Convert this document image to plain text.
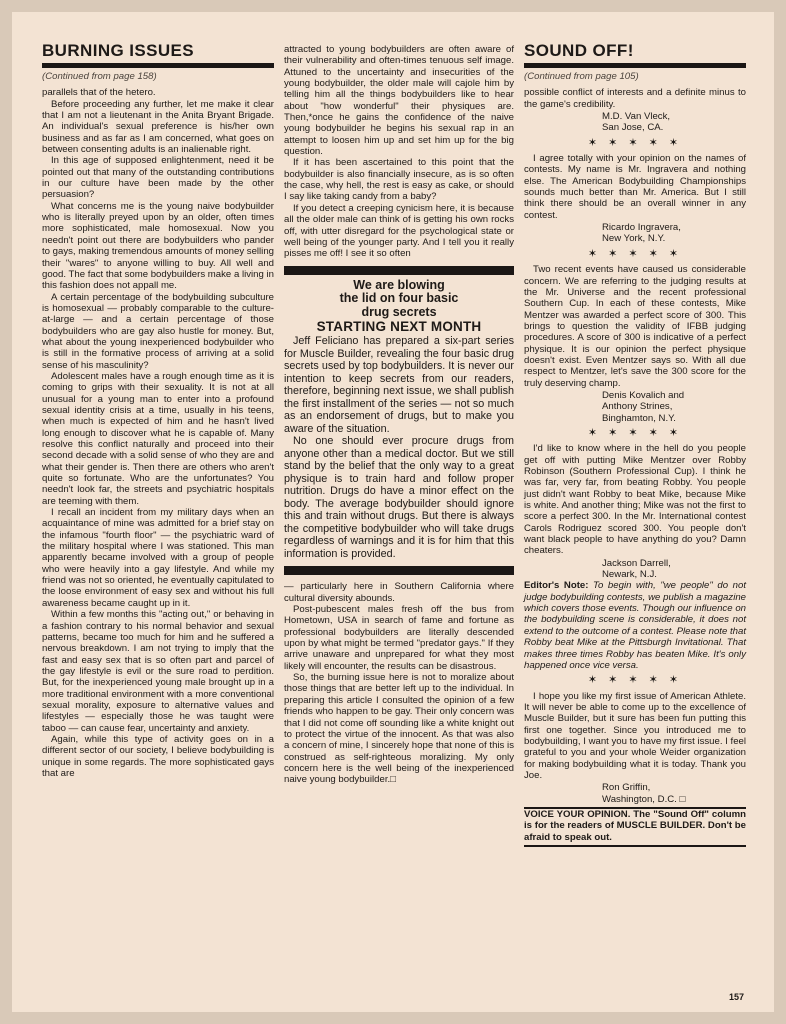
BURNING ISSUES
(Continued from page 158)

parallels that of the hetero.

Before proceeding any further, let me make it clear that I am not a lieutenant in the Anita Bryant Brigade. An individual's sexual preference is his/her own business and as far as I am concerned, what goes on between consenting adults is an inalienable right.

In this age of supposed enlightenment, need it be pointed out that many of the outstanding contributions in our culture have been made by the other persuasion?

What concerns me is the young naive bodybuilder who is literally preyed upon by an older, often times more sophisticated, male homosexual. Now you needn't point out there are bodybuilders who pander to gays, making tremendous amounts of money selling their "wares" to anyone willing to buy. All well and good. The fact that some bodybuilders make a living in this fashion does not appall me.

A certain percentage of the bodybuilding subculture is homosexual — probably comparable to the culture-at-large — and a certain percentage of those bodybuilders who are gay also hustle for money. But, what about the young inexperienced bodybuilder who is still in the formative process of arriving at a solid sense of his masculinity?

Adolescent males have a rough enough time as it is coming to grips with their sexuality. It is not at all unusual for a young man to enter into a profound sexual identity crisis at a time, usually in his teens, when much is expected of him and he hasn't lived long enough to discover what he is capable of. Many resolve this conflict naturally and proceed into their second decade with a solid sense of who they are and what their gender is. Then there are others who aren't quite so fortunate. Who are the unfortunates? You needn't look far, the streets and psychiatric hospitals are teeming with them.

I recall an incident from my military days when an acquaintance of mine was admitted for a brief stay on the infamous "fourth floor" — the psychiatric ward of the military hospital where I was stationed. This man apparently became involved with a group of people who were heavily into a gay lifestyle. And while my friend was not so oriented, he eventually capitulated to the loose environment of easy sex and without his full awareness became caught up in it.

Within a few months this "acting out," or behaving in a fashion contrary to his normal behavior and sexual patterns, became too much for him and he suffered a nervous breakdown. I am not trying to imply that the fast and easy sex that is so often part and parcel of the gay lifestyle is evil or the sure road to perdition. But, for the inexperienced young male brought up in a more traditional environment with a more conventional sexual morality, exposure to alternative values and lifestyles — especially those he was taught were taboo — can cause fear, uncertainty and anxiety.

Again, while this type of activity goes on in a different sector of our society, I believe bodybuilding is unique in some regards. The more sophisticated gays that are

attracted to young bodybuilders are often aware of their vulnerability and often-times tenuous self image. Attuned to the uncertainty and insecurities of the young bodybuilder, the older male will cajole him by telling him all the things bodybuilders like to hear about "how wonderful" their physiques are. Then,*once he gains the confidence of the naive young bodybuilder he begins his sexual rap in an attempt to loosen him up and set him up for the big question.

If it has been ascertained to this point that the bodybuilder is also financially insecure, as is so often the case, why hell, the rest is easy as cake, or should I say like taking candy from a baby?

If you detect a creeping cynicism here, it is because all the older male can think of is getting his own rocks off, with utter disregard for the psychological state or well being of the younger party. And I tell you it really pisses me off! I see it so often

We are blowing
the lid on four basic
drug secrets
STARTING NEXT MONTH

Jeff Feliciano has prepared a six-part series for Muscle Builder, revealing the four basic drug secrets used by top bodybuilders. It is never our intention to keep secrets from our readers, therefore, beginning next issue, we shall publish the first installment of the series — not so much as an endorsement of drugs, but to make you aware of the situation.

No one should ever procure drugs from anyone other than a medical doctor. But we still stand by the belief that the only way to a great physique is to train hard and follow proper nutrition. Drugs do have a minor effect on the body. The average bodybuilder should ignore this and train without drugs. But there is always the competitive bodybuilder who will take drugs regardless of warnings and it is for him that this information is provided.

— particularly here in Southern California where cultural diversity abounds.

Post-pubescent males fresh off the bus from Hometown, USA in search of fame and fortune as professional bodybuilders are literally descended upon by what might be termed "predator gays." If they arrive unaware and unprepared for what they most likely will encounter, the results can be disastrous.

So, the burning issue here is not to moralize about those things that are better left up to the individual. In preparing this article I consulted the opinion of a few friends who happen to be gay. Their only concern was that I did not come off sounding like a white knight out to protect the virtue of the innocent. As that was also a concern of mine, I sincerely hope that none of this is construed as self-righteous moralizing. My only concern here is the well being of the inexperienced naive young bodybuilder.□

SOUND OFF!
(Continued from page 105)

possible conflict of interests and a definite minus to the game's credibility.

M.D. Van Vleck,
San Jose, CA.
✶ ✶ ✶ ✶ ✶

I agree totally with your opinion on the names of contests. My name is Mr. Ingravera and nothing else. The American Bodybuilding Championships sounds much better than Mr. America. But I still think there should be an overall winner in any contest.

Ricardo Ingravera,
New York, N.Y.
✶ ✶ ✶ ✶ ✶

Two recent events have caused us considerable concern. We are referring to the judging results at the Mr. Universe and the recent professional Southern Cup. In each of these contests, Mike Mentzer was awarded a perfect score of 300. This brings to question the validity of IFBB judging procedures. A score of 300 is indicative of a perfect physique. It is our opinion the perfect physique doesn't exist. Even Mentzer says so. With all due respect to Mentzer, let's save the 300 score for the truly deserving champ.

Denis Kovalich and
Anthony Strines,
Binghamton, N.Y.
✶ ✶ ✶ ✶ ✶

I'd like to know where in the hell do you people get off with putting Mike Mentzer over Robby Robinson (Southern Professional Cup). I think he was far, very far, from beating Robby. You people just didn't want Robby to beat Mike, because Mike is white. And another thing; Mike was not the first to score a perfect 300. In the Mr. International contest Carols Rodriguez scored 300. You people don't want black people to have anything do you? Damn cheaters.

Jackson Darrell,
Newark, N.J.

Editor's Note: To begin with, "we people" do not judge bodybuilding contests, we publish a magazine which covers those events. Though our influence on the bodybuilding scene is considerable, it does not extend to the outcome of a contest. Please note that Robby beat Mike at the Pittsburgh Invitational. That makes three times Robby has beaten Mike. It's only happened once vice versa.

✶ ✶ ✶ ✶ ✶

I hope you like my first issue of American Athlete. It will never be able to come up to the excellence of Muscle Builder, but it sure has been fun putting this first one together. Since you introduced me to bodybuilding, I want you to have my first issue. I feel grateful to you and your whole Weider organization for making bodybuilding what it is today. Thank you Joe.

Ron Griffin,
Washington, D.C. □

VOICE YOUR OPINION. The "Sound Off" column is for the readers of MUSCLE BUILDER. Don't be afraid to speak out.

157
